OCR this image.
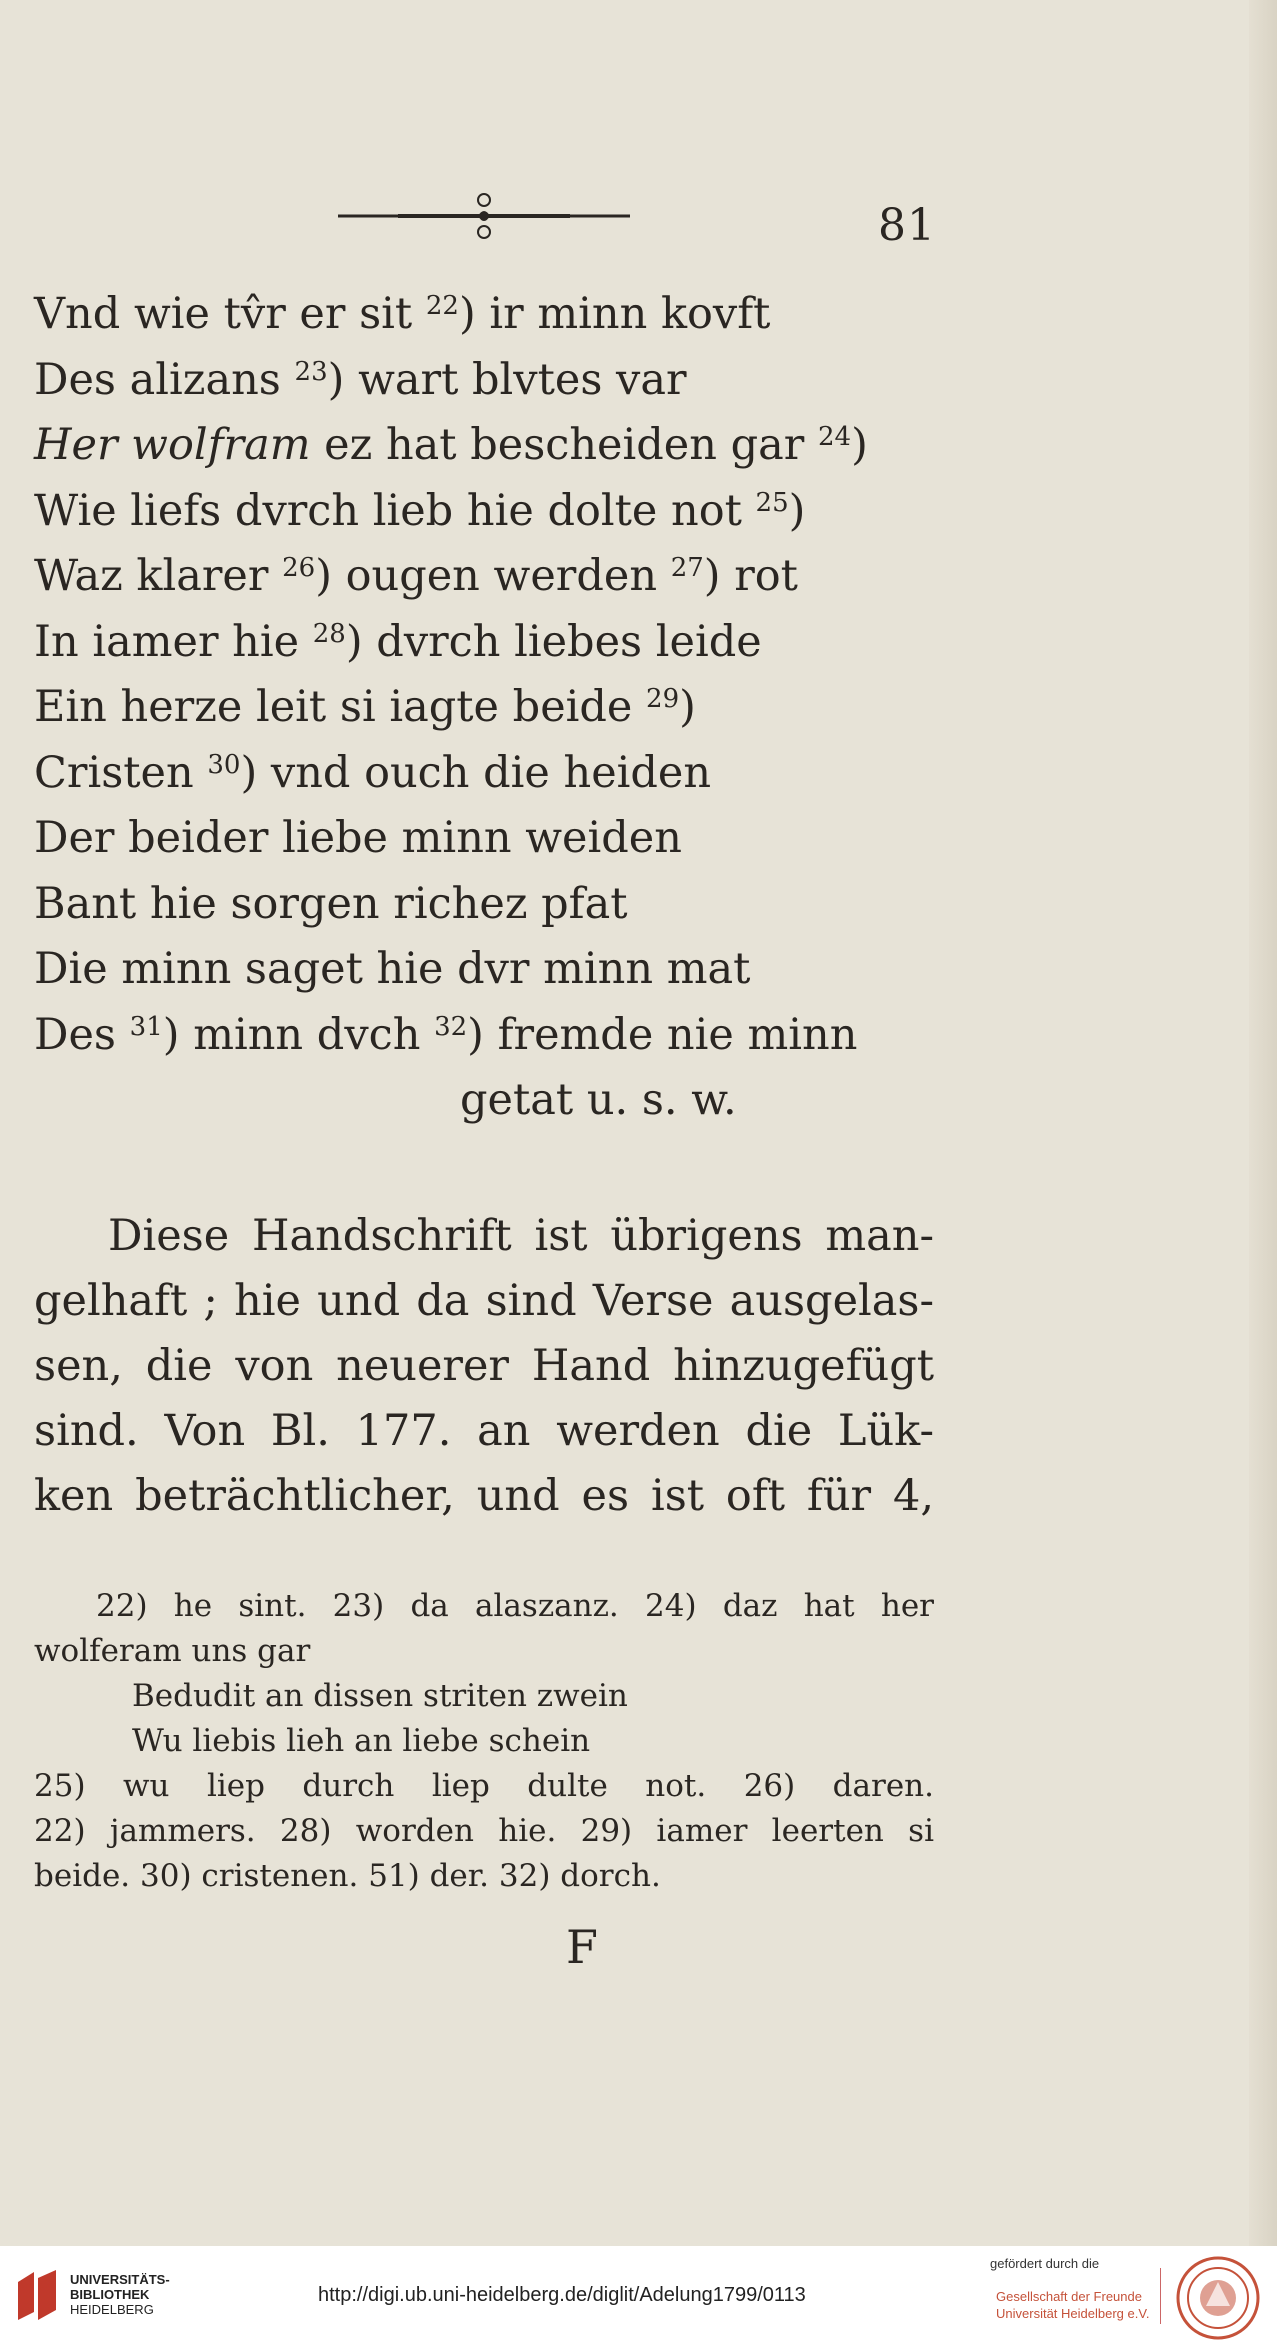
81
Vnd wie tv̂r er sit $^{22}$) ir minn kovft
Des alizans $^{23}$) wart blvtes var
Her wolfram ez hat bescheiden gar $^{24}$)
Wie liefs dvrch lieb hie dolte not $^{25}$)
Waz klarer $^{26}$) ougen werden $^{27}$) rot
In iamer hie $^{28}$) dvrch liebes leide
Ein herze leit si iagte beide $^{29}$)
Cristen $^{30}$) vnd ouch die heiden
Der beider liebe minn weiden
Bant hie sorgen richez pfat
Die minn saget hie dvr minn mat
Des $^{31}$) minn dvch $^{32}$) fremde nie minn
getat u. s. w.
Diese Handschrift ist übrigens man-
gelhaft ; hie und da sind Verse ausgelas-
sen, die von neuerer Hand hinzugefügt
sind. Von Bl. 177. an werden die Lük-
ken beträchtlicher, und es ist oft für 4,
22) he sint. 23) da alaszanz. 24) daz hat her
wolferam uns gar
Bedudit an dissen striten zwein
Wu liebis lieh an liebe schein
25) wu liep durch liep dulte not. 26) daren.
22) jammers. 28) worden hie. 29) iamer leerten si
beide. 30) cristenen. 51) der. 32) dorch.
F
UNIVERSITÄTS-
BIBLIOTHEK
HEIDELBERG
http://digi.ub.uni-heidelberg.de/diglit/Adelung1799/0113
gefördert durch die
Gesellschaft der Freunde
Universität Heidelberg e.V.
